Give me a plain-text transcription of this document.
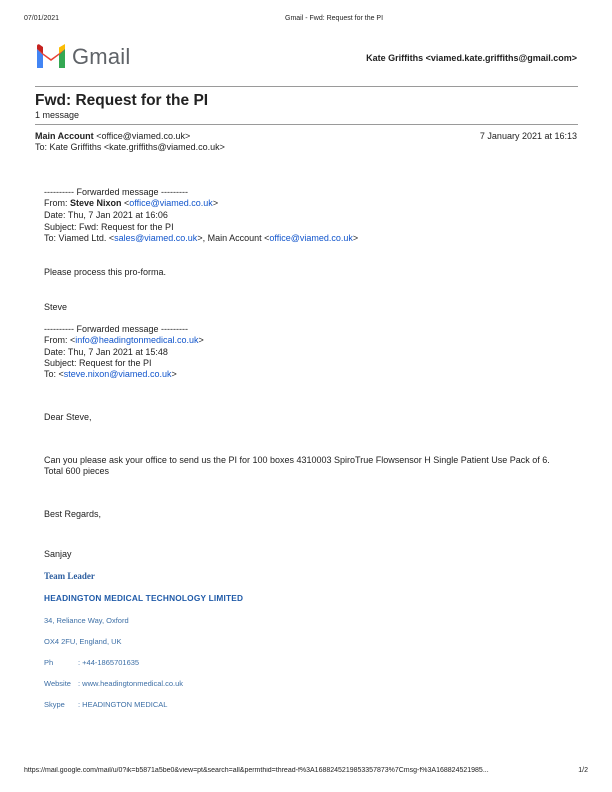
07/01/2021	Gmail - Fwd: Request for the PI
Gmail	Kate Griffiths <viamed.kate.griffiths@gmail.com>
Fwd: Request for the PI
1 message
Main Account <office@viamed.co.uk>	7 January 2021 at 16:13
To: Kate Griffiths <kate.griffiths@viamed.co.uk>
---------- Forwarded message ---------
From: Steve Nixon <office@viamed.co.uk>
Date: Thu, 7 Jan 2021 at 16:06
Subject: Fwd: Request for the PI
To: Viamed Ltd. <sales@viamed.co.uk>, Main Account <office@viamed.co.uk>
Please process this pro-forma.
Steve
---------- Forwarded message ---------
From: <info@headingtonmedical.co.uk>
Date: Thu, 7 Jan 2021 at 15:48
Subject: Request for the PI
To: <steve.nixon@viamed.co.uk>
Dear Steve,
Can you please ask your office to send us the PI for 100 boxes 4310003 SpiroTrue Flowsensor H Single Patient Use Pack of 6. Total 600 pieces
Best Regards,
Sanjay
Team Leader
HEADINGTON MEDICAL TECHNOLOGY LIMITED
34, Reliance Way, Oxford
OX4 2FU, England, UK
Ph	: +44-1865701635
Website : www.headingtonmedical.co.uk
Skype : HEADINGTON MEDICAL
https://mail.google.com/mail/u/0?ik=b5871a5be0&view=pt&search=all&permthid=thread-f%3A1688245219853357873%7Cmsg-f%3A168824521985...	1/2
